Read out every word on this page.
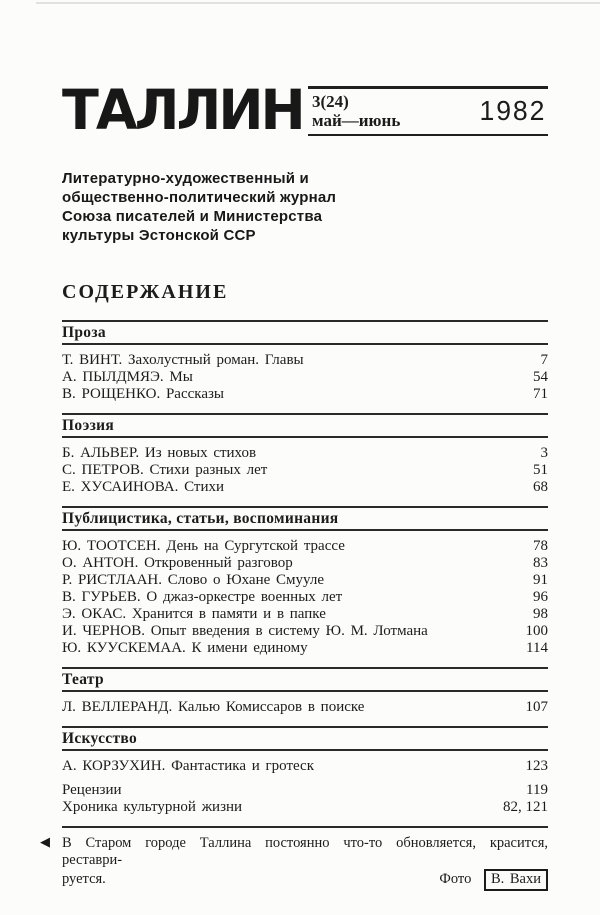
ТАЛЛИН 3(24)
май—июнь	1982
Литературно-художественный и
общественно-политический журнал
Союза писателей и Министерства
культуры Эстонской ССР
СОДЕРЖАНИЕ
Проза
Т. ВИНТ. Захолустный роман. Главы	7
А. ПЫЛДМЯЭ. Мы	54
В. РОЩЕНКО. Рассказы	71
Поэзия
Б. АЛЬВЕР. Из новых стихов	3
С. ПЕТРОВ. Стихи разных лет	51
Е. ХУСАИНОВА. Стихи	68
Публицистика, статьи, воспоминания
Ю. ТООТСЕН. День на Сургутской трассе	78
О. АНТОН. Откровенный разговор	83
Р. РИСТЛААН. Слово о Юхане Смууле	91
В. ГУРЬЕВ. О джаз-оркестре военных лет	96
Э. ОКАС. Хранится в памяти и в папке	98
И. ЧЕРНОВ. Опыт введения в систему Ю. М. Лотмана	100
Ю. КУУСКЕМАА. К имени единому	114
Театр
Л. ВЕЛЛЕРАНД. Калью Комиссаров в поиске	107
Искусство
А. КОРЗУХИН. Фантастика и гротеск	123
Рецензии	119
Хроника культурной жизни	82, 121
◀ В Старом городе Таллина постоянно что-то обновляется, красится, реставри-
руется.	Фото В. Вахи
